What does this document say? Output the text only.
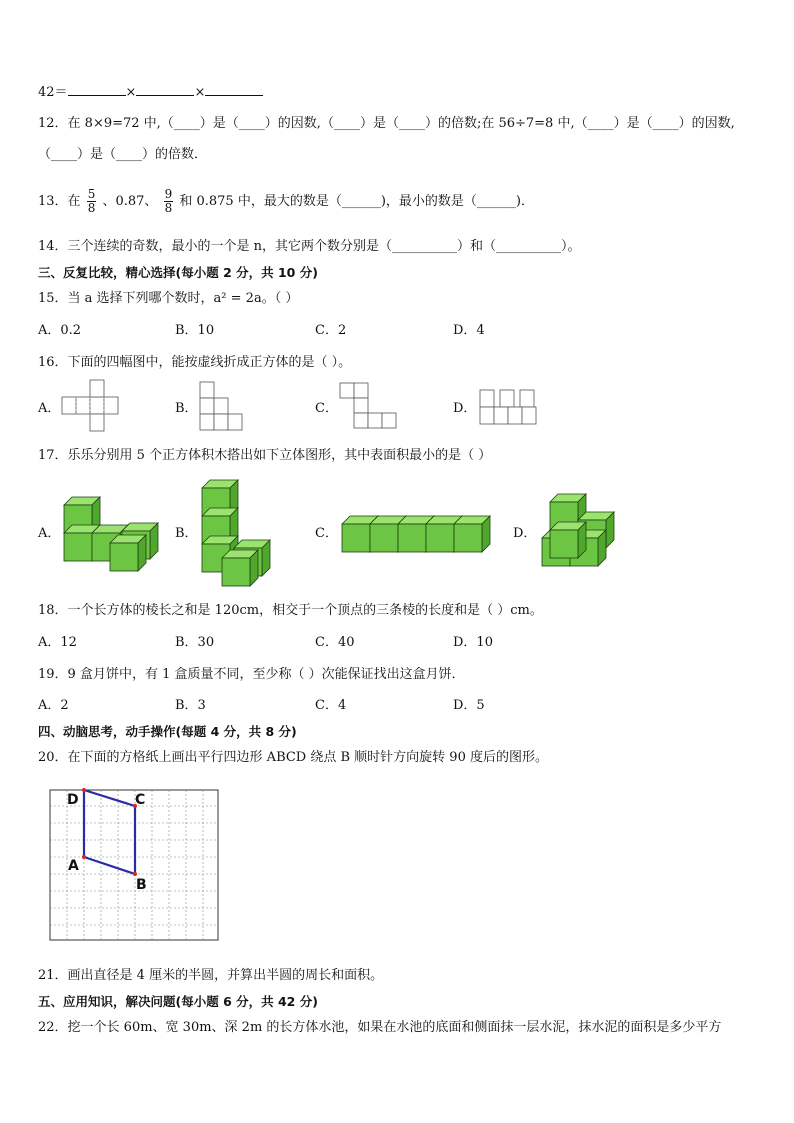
42＝	×	×
12．在 8×9=72 中,（____）是（____）的因数,（____）是（____）的倍数;在 56÷7=8 中,（____）是（____）的因数,
（____）是（____）的倍数．
13．在 $\frac{5}{8}$ 、0.87、 $\frac{9}{8}$ 和 0.875 中，最大的数是（______)，最小的数是（______)．
14．三个连续的奇数，最小的一个是 n，其它两个数分别是（__________）和（__________）。
三、反复比较，精心选择(每小题 2 分，共 10 分)
15．当 a 选择下列哪个数时，a² = 2a。（ ）
A．0.2	B．10	C．2	D．4
16．下面的四幅图中，能按虚线折成正方体的是（ ）。
A．	B．	C．	D．
17．乐乐分别用 5 个正方体积木搭出如下立体图形，其中表面积最小的是（ ）
A．	B．	C．	D．
18．一个长方体的棱长之和是 120cm，相交于一个顶点的三条棱的长度和是（ ）cm。
A．12	B．30	C．40	D．10
19．9 盒月饼中，有 1 盒质量不同，至少称（ ）次能保证找出这盒月饼．
A．2	B．3	C．4	D．5
四、动脑思考，动手操作(每题 4 分，共 8 分)
20．在下面的方格纸上画出平行四边形 ABCD 绕点 B 顺时针方向旋转 90 度后的图形。
D	C
A
B
21．画出直径是 4 厘米的半圆，并算出半圆的周长和面积。
五、应用知识，解决问题(每小题 6 分，共 42 分)
22．挖一个长 60m、宽 30m、深 2m 的长方体水池，如果在水池的底面和侧面抹一层水泥，抹水泥的面积是多少平方
